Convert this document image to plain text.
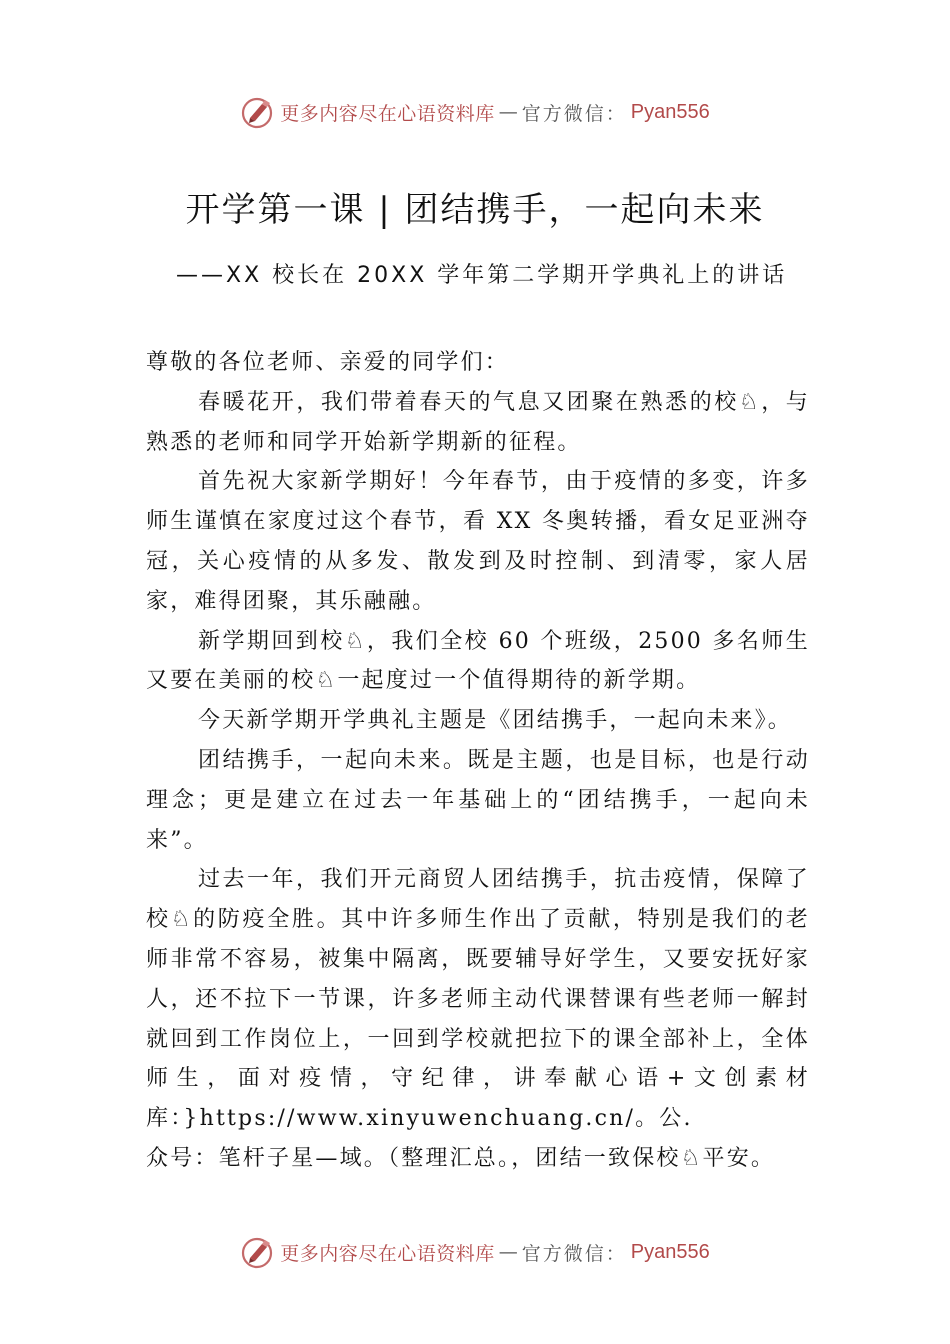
更多内容尽在心语资料库 — 官方微信： Pyan556
开学第一课 | 团结携手，一起向未来
——XX 校长在 20XX 学年第二学期开学典礼上的讲话

尊敬的各位老师、亲爱的同学们：

春暖花开，我们带着春天的气息又团聚在熟悉的校♘，与熟悉的老师和同学开始新学期新的征程。

首先祝大家新学期好！今年春节，由于疫情的多变，许多师生谨慎在家度过这个春节，看 XX 冬奥转播，看女足亚洲夺冠，关心疫情的从多发、散发到及时控制、到清零，家人居家，难得团聚，其乐融融。

新学期回到校♘，我们全校 60 个班级，2500 多名师生又要在美丽的校♘一起度过一个值得期待的新学期。

今天新学期开学典礼主题是《团结携手，一起向未来》。

团结携手，一起向未来。既是主题，也是目标，也是行动理念；更是建立在过去一年基础上的“团结携手，一起向未来”。

过去一年，我们开元商贸人团结携手，抗击疫情，保障了校♘的防疫全胜。其中许多师生作出了贡献，特别是我们的老师非常不容易，被集中隔离，既要辅导好学生，又要安抚好家人，还不拉下一节课，许多老师主动代课替课有些老师一解封就回到工作岗位上，一回到学校就把拉下的课全部补上，全体师生，面对疫情，守纪律，讲奉献心语+文创素材库：}https://www.xinyuwenchuang.cn/。公.

众号：笔杆子星—域。（整理汇总。，团结一致保校♘平安。

更多内容尽在心语资料库 — 官方微信： Pyan556
